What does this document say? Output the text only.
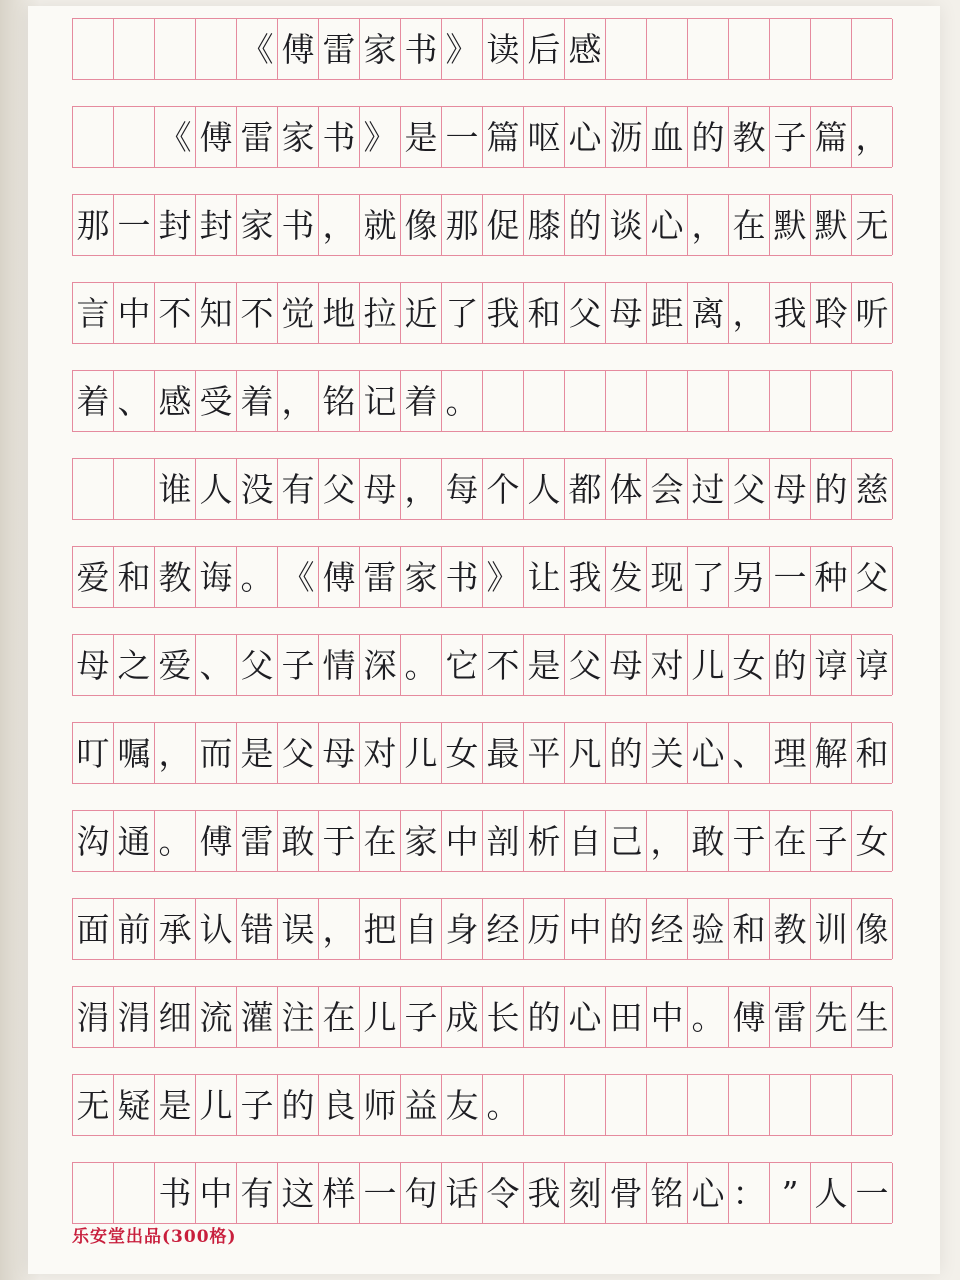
《 傅 雷 家 书 》 读 后 感
《 傅 雷 家 书 》 是 一 篇 呕 心 沥 血 的 教 子 篇 ，
那 一 封 封 家 书 ， 就 像 那 促 膝 的 谈 心 ， 在 默 默 无
言 中 不 知 不 觉 地 拉 近 了 我 和 父 母 距 离 ， 我 聆 听
着 、 感 受 着 ， 铭 记 着 。
谁 人 没 有 父 母 ， 每 个 人 都 体 会 过 父 母 的 慈
爱 和 教 诲 。 《 傅 雷 家 书 》 让 我 发 现 了 另 一 种 父
母 之 爱 、 父 子 情 深 。 它 不 是 父 母 对 儿 女 的 谆 谆
叮 嘱 ， 而 是 父 母 对 儿 女 最 平 凡 的 关 心 、 理 解 和
沟 通 。 傅 雷 敢 于 在 家 中 剖 析 自 己 ， 敢 于 在 子 女
面 前 承 认 错 误 ， 把 自 身 经 历 中 的 经 验 和 教 训 像
涓 涓 细 流 灌 注 在 儿 子 成 长 的 心 田 中 。 傅 雷 先 生
无 疑 是 儿 子 的 良 师 益 友 。
书 中 有 这 样 一 句 话 令 我 刻 骨 铭 心 ： ” 人 一
乐安堂出品(300格)
